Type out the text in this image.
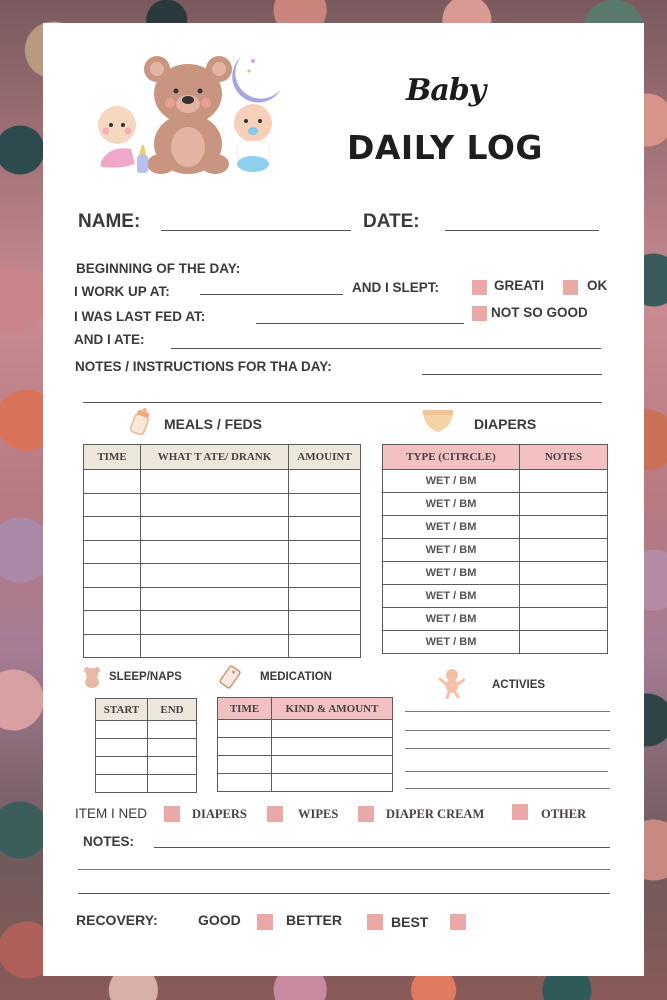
Baby
DAILY LOG
NAME:	DATE:
BEGINNING OF THE DAY:
I WORK UP AT:	AND I SLEPT:	GREATI	OK
I WAS LAST FED AT:	NOT SO GOOD
AND I ATE:
NOTES / INSTRUCTIONS FOR THA DAY:
MEALS / FEDS
TIME	WHAT T ATE/ DRANK	AMOUINT

DIAPERS
TYPE (CITRCLE)	NOTES
WET / BM	
WET / BM	
WET / BM	
WET / BM	
WET / BM	
WET / BM	
WET / BM	
WET / BM	
SLEEP/NAPS
START	END

MEDICATION
TIME	KIND & AMOUNT

ACTIVIES
ITEM I NED	DIAPERS	WIPES	DIAPER CREAM	OTHER
NOTES:
RECOVERY:	GOOD	BETTER	BEST
